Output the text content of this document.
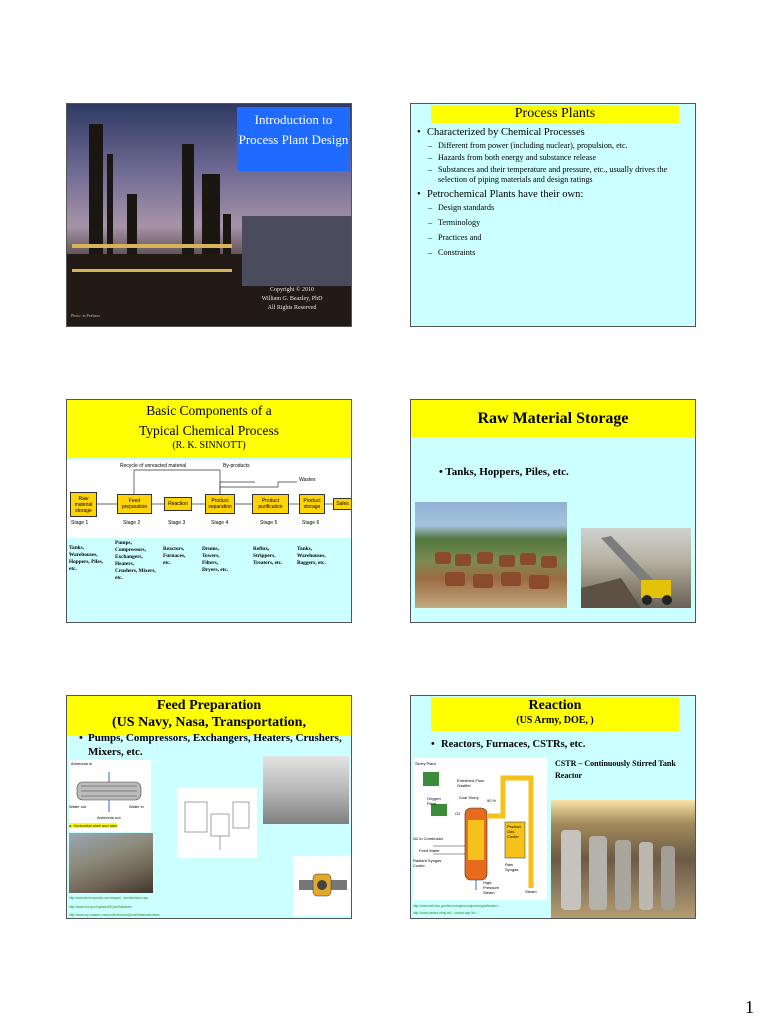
Introduction to Process Plant Design
Copyright © 2010
William G. Beazley, PhD
All Rights Reserved
Photo: in Pexhaus
Process Plants
• Characterized by Chemical Processes
– Different from power (including nuclear), propulsion, etc.
– Hazards from both energy and substance release
– Substances and their temperature and pressure, etc., usually drives the selection of piping materials and design ratings
• Petrochemical Plants have their own:
– Design standards
– Terminology
– Practices and
– Constraints
Basic Components of a
Typical Chemical Process
(R. K. SINNOTT)
Recycle of unreacted material	By-products
Wastes
Raw material storage
Feed preparation	Reaction	Product separation
Product purification
Product storage	Sales
Stage 1	Stage 2	Stage 3	Stage 4	Stage 5	Stage 6
Tanks, Warehouses, Hoppers, Piles, etc.
Pumps, Compressors, Exchangers, Heaters, Crushers, Mixers, etc.
Reactors, Furnaces, etc.
Drums, Towers, Filters, Dryers, etc.
Reflux, Strippers, Treaters, etc.
Tanks, Warehouses, Baggers, etc.
Raw Material Storage
• Tanks, Hoppers, Piles, etc.
Feed Preparation
(US Navy, Nasa, Transportation,
• Pumps, Compressors, Exchangers, Heaters, Crushers, Mixers, etc.
Ammonia in
Water out	Water in
Ammonia out
a. Horizontal shell and tube
http://www.thermopedia.com/images/...shellandtube.asp
http://www.nlvr.gov/Updated/3Gpm/Milsteam
http://www.mp-mission-navy.mil/techdocs/Quest/Materialssheets
Reaction
(US Army, DOE, )
• Reactors, Furnaces, CSTRs, etc.
CSTR – Continuously Stirred Tank Reactor
Slurry Plant
Entrained-Flow Gasifier
Coal Slurry
90 %
Oxygen Plant
O2
N2 to Combustor
Feed Water
Radiant Syngas Cooler
Product Gas Cooler
Raw Syngas
High-Pressure Steam	Steam
http://www.netl.doe.gov/technologies/coalpower/gasification/...
http://www.pantex.army.mil/...reactor.asp?id=...
1
